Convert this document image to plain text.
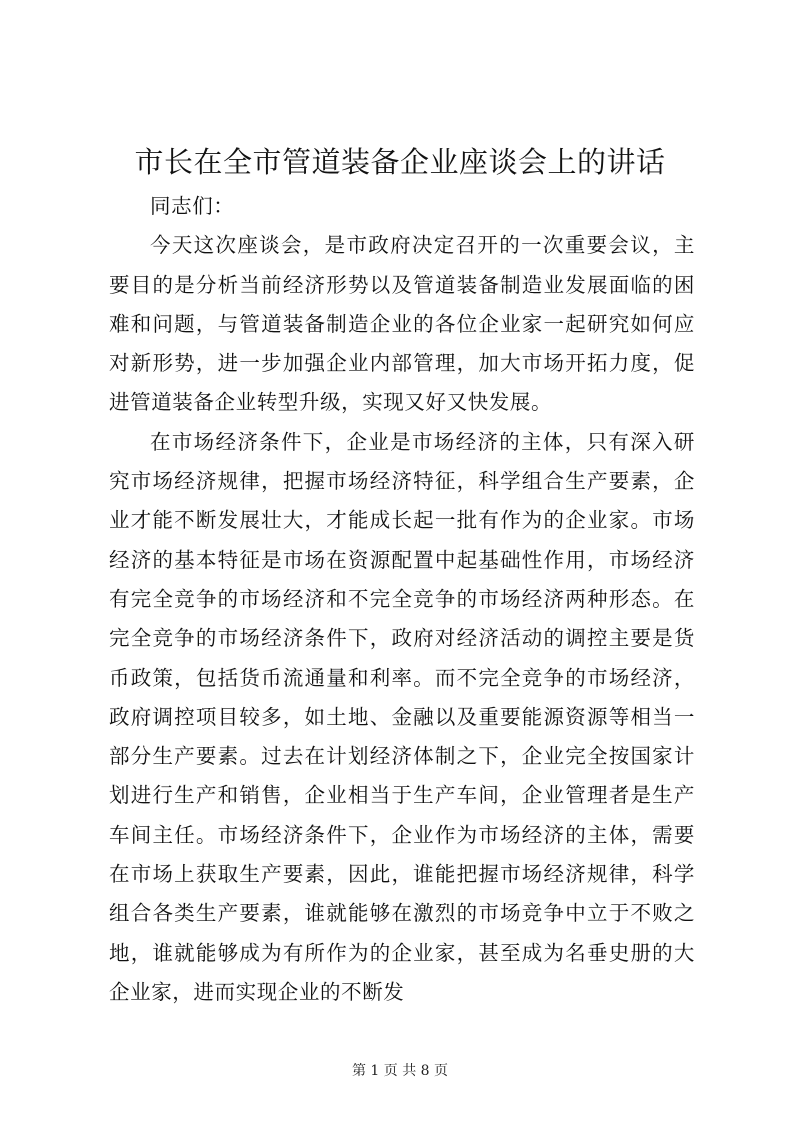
市长在全市管道装备企业座谈会上的讲话

同志们：

今天这次座谈会，是市政府决定召开的一次重要会议，主要目的是分析当前经济形势以及管道装备制造业发展面临的困难和问题，与管道装备制造企业的各位企业家一起研究如何应对新形势，进一步加强企业内部管理，加大市场开拓力度，促进管道装备企业转型升级，实现又好又快发展。

在市场经济条件下，企业是市场经济的主体，只有深入研究市场经济规律，把握市场经济特征，科学组合生产要素，企业才能不断发展壮大，才能成长起一批有作为的企业家。市场经济的基本特征是市场在资源配置中起基础性作用，市场经济有完全竞争的市场经济和不完全竞争的市场经济两种形态。在完全竞争的市场经济条件下，政府对经济活动的调控主要是货币政策，包括货币流通量和利率。而不完全竞争的市场经济，政府调控项目较多，如土地、金融以及重要能源资源等相当一部分生产要素。过去在计划经济体制之下，企业完全按国家计划进行生产和销售，企业相当于生产车间，企业管理者是生产车间主任。市场经济条件下，企业作为市场经济的主体，需要在市场上获取生产要素，因此，谁能把握市场经济规律，科学组合各类生产要素，谁就能够在激烈的市场竞争中立于不败之地，谁就能够成为有所作为的企业家，甚至成为名垂史册的大企业家，进而实现企业的不断发

第 1 页 共 8 页
